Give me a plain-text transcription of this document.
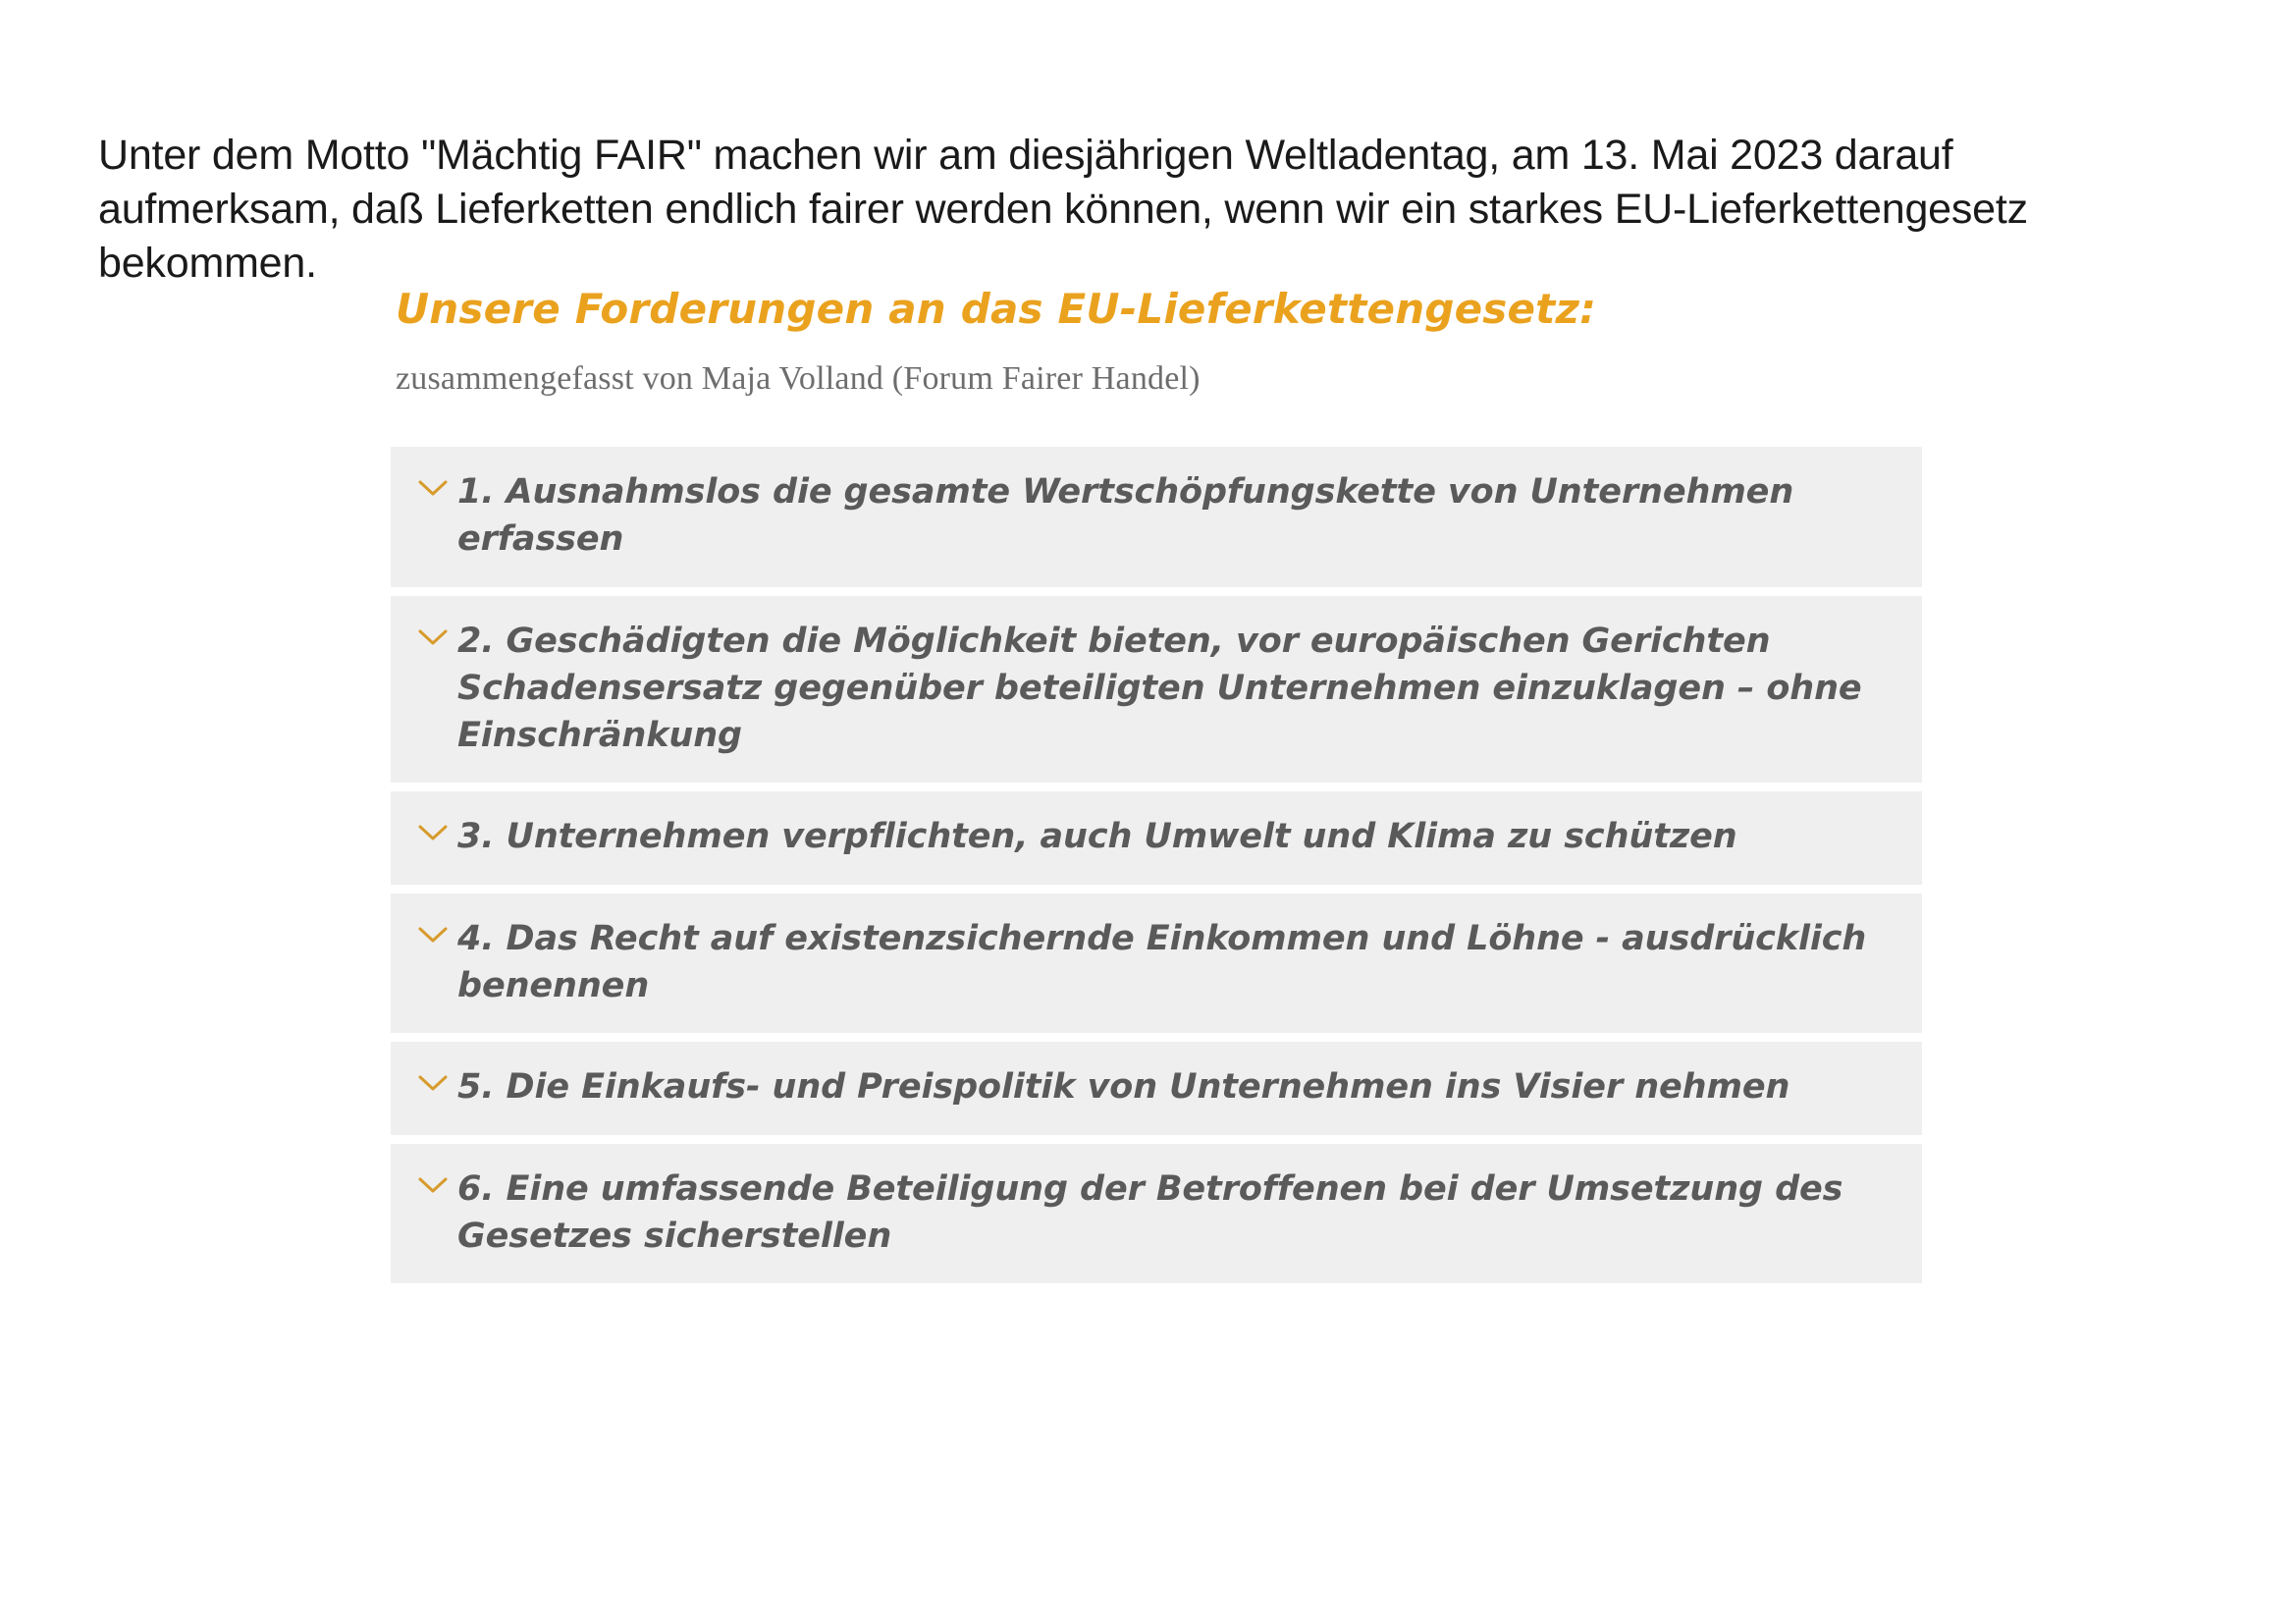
Unter dem Motto "Mächtig FAIR" machen wir am diesjährigen Weltladentag, am 13. Mai 2023 darauf aufmerksam, daß Lieferketten endlich fairer werden können, wenn wir ein starkes EU-Lieferkettengesetz bekommen.

Unsere Forderungen an das EU-Lieferkettengesetz:
zusammengefasst von Maja Volland (Forum Fairer Handel)
1. Ausnahmslos die gesamte Wertschöpfungskette von Unternehmen erfassen
2. Geschädigten die Möglichkeit bieten, vor europäischen Gerichten Schadensersatz gegenüber beteiligten Unternehmen einzuklagen – ohne Einschränkung
3. Unternehmen verpflichten, auch Umwelt und Klima zu schützen
4. Das Recht auf existenzsichernde Einkommen und Löhne - ausdrücklich benennen
5. Die Einkaufs- und Preispolitik von Unternehmen ins Visier nehmen
6. Eine umfassende Beteiligung der Betroffenen bei der Umsetzung des Gesetzes sicherstellen
